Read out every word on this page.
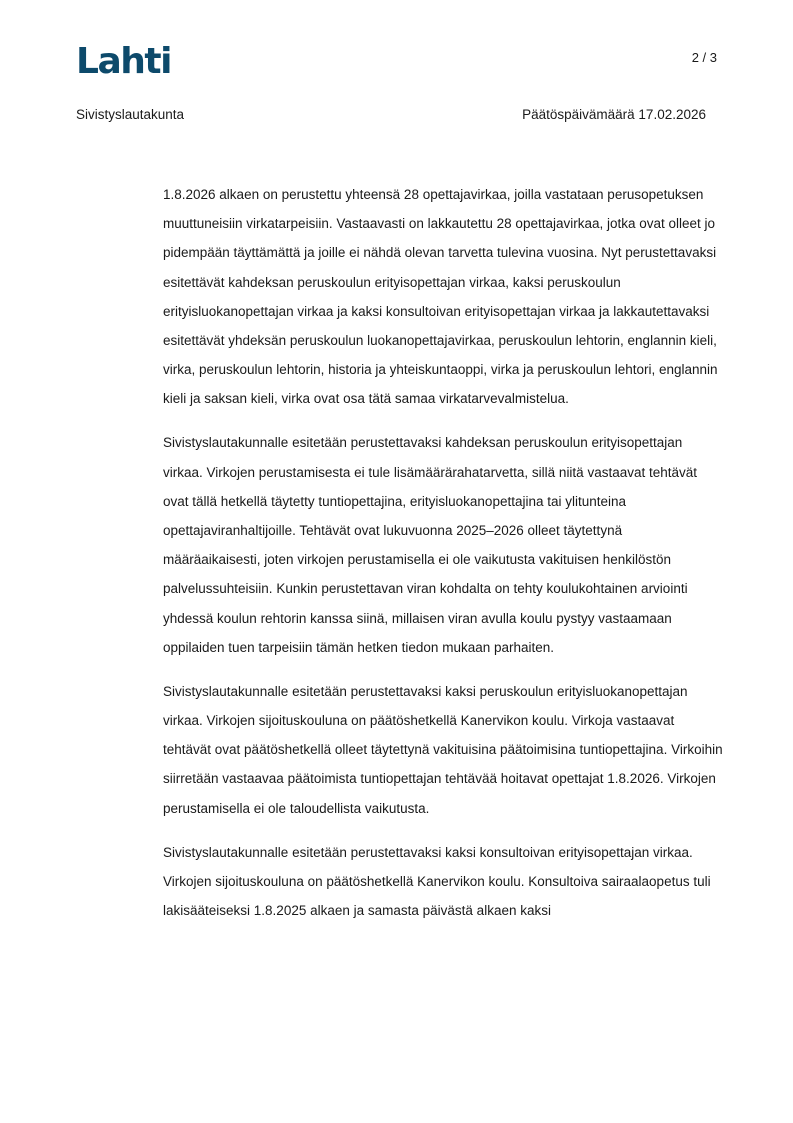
Lahti	2 / 3
Sivistyslautakunta	Päätöspäivämäärä 17.02.2026

1.8.2026 alkaen on perustettu yhteensä 28 opettajavirkaa, joilla vastataan perusopetuksen muuttuneisiin virkatarpeisiin. Vastaavasti on lakkautettu 28 opettajavirkaa, jotka ovat olleet jo pidempään täyttämättä ja joille ei nähdä olevan tarvetta tulevina vuosina. Nyt perustettavaksi esitettävät kahdeksan peruskoulun erityisopettajan virkaa, kaksi peruskoulun erityisluokanopettajan virkaa ja kaksi konsultoivan erityisopettajan virkaa ja lakkautettavaksi esitettävät yhdeksän peruskoulun luokanopettajavirkaa, peruskoulun lehtorin, englannin kieli, virka, peruskoulun lehtorin, historia ja yhteiskuntaoppi, virka ja peruskoulun lehtori, englannin kieli ja saksan kieli, virka ovat osa tätä samaa virkatarvevalmistelua.

Sivistyslautakunnalle esitetään perustettavaksi kahdeksan peruskoulun erityisopettajan virkaa. Virkojen perustamisesta ei tule lisämäärärahatarvetta, sillä niitä vastaavat tehtävät ovat tällä hetkellä täytetty tuntiopettajina, erityisluokanopettajina tai ylitunteina opettajaviranhaltijoille. Tehtävät ovat lukuvuonna 2025–2026 olleet täytettynä määräaikaisesti, joten virkojen perustamisella ei ole vaikutusta vakituisen henkilöstön palvelussuhteisiin. Kunkin perustettavan viran kohdalta on tehty koulukohtainen arviointi yhdessä koulun rehtorin kanssa siinä, millaisen viran avulla koulu pystyy vastaamaan oppilaiden tuen tarpeisiin tämän hetken tiedon mukaan parhaiten.

Sivistyslautakunnalle esitetään perustettavaksi kaksi peruskoulun erityisluokanopettajan virkaa. Virkojen sijoituskouluna on päätöshetkellä Kanervikon koulu. Virkoja vastaavat tehtävät ovat päätöshetkellä olleet täytettynä vakituisina päätoimisina tuntiopettajina. Virkoihin siirretään vastaavaa päätoimista tuntiopettajan tehtävää hoitavat opettajat 1.8.2026. Virkojen perustamisella ei ole taloudellista vaikutusta.

Sivistyslautakunnalle esitetään perustettavaksi kaksi konsultoivan erityisopettajan virkaa. Virkojen sijoituskouluna on päätöshetkellä Kanervikon koulu. Konsultoiva sairaalaopetus tuli lakisääteiseksi 1.8.2025 alkaen ja samasta päivästä alkaen kaksi
